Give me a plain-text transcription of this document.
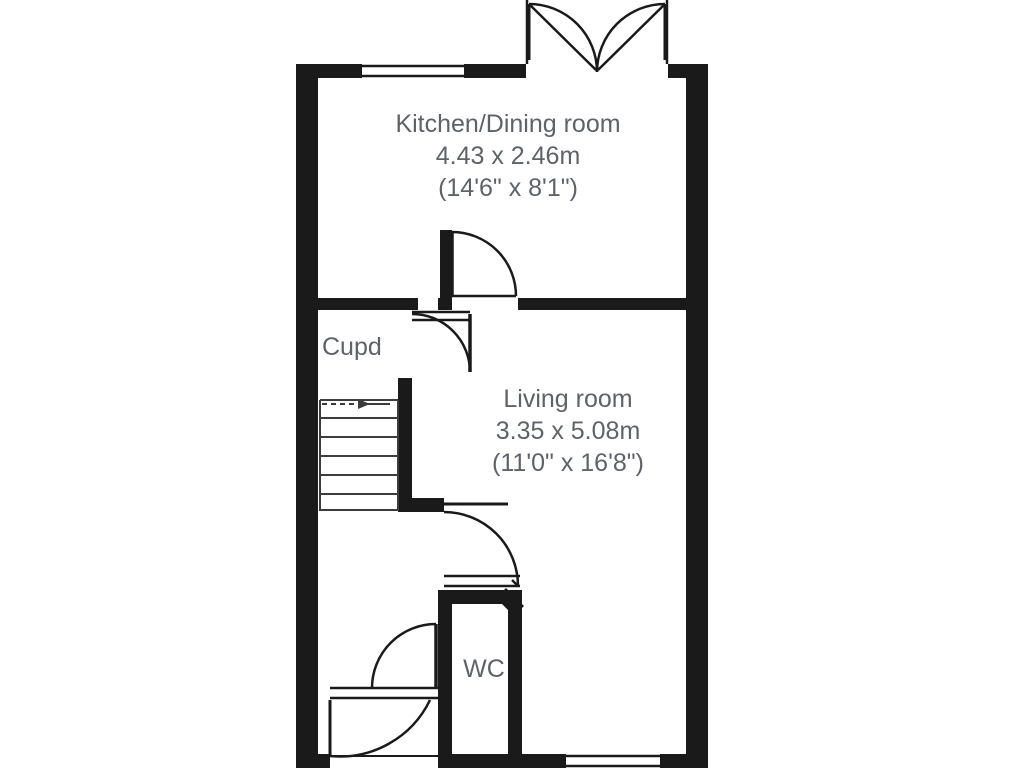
Kitchen/Dining room
4.43 x 2.46m
(14'6" x 8'1")
Living room
3.35 x 5.08m
(11'0" x 16'8")
Cupd
WC
